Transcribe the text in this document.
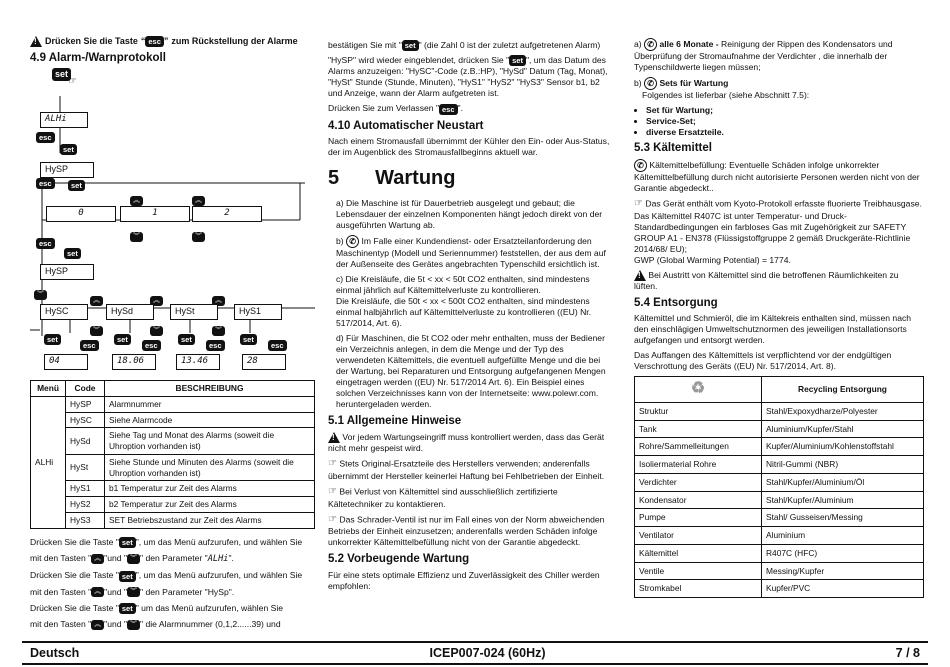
!
Drücken Sie die Taste “ esc ” zum Rückstellung der Alarme
4.9 Alarm-/Warnprotokoll
set
☞
ALHi
esc
set
HySP
esc	set
︽	︽
0	1	2
︾	︾
esc
set
HySP
︾
︽	︽	︽
HySC	HySd	HySt	HyS1
︾	︾	︾
set
esc
set
esc
set
esc
set
esc
04	18.06	13.46	28
Menü	Code	BESCHREIBUNG
ALHi	HySP	Alarmnummer
	HySC	Siehe Alarmcode
	HySd	Siehe Tag und Monat des Alarms (soweit die Uhroption vorhanden ist)
	HySt	Siehe Stunde und Minuten des Alarms (soweit die Uhroption vorhanden ist)
	HyS1	b1 Temperatur zur Zeit des Alarms
	HyS2	b2 Temperatur zur Zeit des Alarms
	HyS3	SET Betriebszustand zur Zeit des Alarms
Drücken Sie die Taste " set ", um das Menü aufzurufen, und wählen Sie
mit den Tasten " ︽ "und " ︾ " den Parameter "ALHi".
Drücken Sie die Taste " set ", um das Menü aufzurufen, und wählen Sie
mit den Tasten " ︽ "und " ︾ " den Parameter "HySp".
Drücken Sie die Taste " set " um das Menü aufzurufen, wählen Sie
mit den Tasten " ︽ "und " ︾ " die Alarmnummer (0,1,2......39) und

bestätigen Sie mit " set " (die Zahl 0 ist der zuletzt aufgetretenen Alarm)

"HySP" wird wieder eingeblendet, drücken Sie " set ", um das Datum des Alarms anzuzeigen: "HySC"-Code (z.B.:HP), "HySd" Datum (Tag, Monat), "HySt" Stunde (Stunde, Minuten), "HyS1" "HyS2" "HyS3" Sensor b1, b2 und Anzeige, wann der Alarm aufgetreten ist.

Drücken Sie zum Verlassen " esc ".

4.10 Automatischer Neustart

Nach einem Stromausfall übernimmt der Kühler den Ein- oder Aus-Status, der im Augenblick des Stromausfallbeginns aktuell war.

5 Wartung

a) Die Maschine ist für Dauerbetrieb ausgelegt und gebaut; die Lebensdauer der einzelnen Komponenten hängt jedoch direkt von der ausgeführten Wartung ab.

b) ✆ Im Falle einer Kundendienst- oder Ersatzteilanforderung den Maschinentyp (Modell und Seriennummer) feststellen, der aus dem auf der Außenseite des Gerätes angebrachten Typenschild ersichtlich ist.

c) Die Kreisläufe, die 5t < xx < 50t CO2 enthalten, sind mindestens einmal jährlich auf Kältemittelverluste zu kontrollieren.
Die Kreisläufe, die 50t < xx < 500t CO2 enthalten, sind mindestens einmal halbjährlich auf Kältemittelverluste zu kontrollieren ((EU) Nr. 517/2014, Art. 6).

d) Für Maschinen, die 5t CO2 oder mehr enthalten, muss der Bediener ein Verzeichnis anlegen, in dem die Menge und der Typ des verwendeten Kältemittels, die eventuell aufgefüllte Menge und die bei der Wartung, bei Reparaturen und Entsorgung aufgefangenen Mengen eingetragen werden ((EU) Nr. 517/2014 Art. 6). Ein Beispiel eines solchen Verzeichnisses kann von der Internetseite: www.polewr.com. heruntergeladen werden.

5.1 Allgemeine Hinweise

! Vor jedem Wartungseingriff muss kontrolliert werden, dass das Gerät nicht mehr gespeist wird.

☞ Stets Original-Ersatzteile des Herstellers verwenden; anderenfalls übernimmt der Hersteller keinerlei Haftung bei Fehlbetrieben der Einheit.

☞ Bei Verlust von Kältemittel sind ausschließlich zertifizierte Kältetechniker zu kontaktieren.

☞ Das Schrader-Ventil ist nur im Fall eines von der Norm abweichenden Betriebs der Einheit einzusetzen; anderenfalls werden Schäden infolge unkorrekter Kältemittelbefüllung nicht von der Garantie abgedeckt.

5.2 Vorbeugende Wartung

Für eine stets optimale Effizienz und Zuverlässigkeit des Chiller werden empfohlen:

a) ✆ alle 6 Monate - Reinigung der Rippen des Kondensators und Überprüfung der Stromaufnahme der Verdichter , die innerhalb der Typenschildwerte liegen müssen;

b) ✆ Sets für Wartung
Folgendes ist lieferbar (siehe Abschnitt 7.5):

• Set für Wartung;
• Service-Set;
• diverse Ersatzteile.
5.3 Kältemittel

✆ Kältemittelbefüllung: Eventuelle Schäden infolge unkorrekter Kältemittelbefüllung durch nicht autorisierte Personen werden nicht von der Garantie abgedeckt..

☞ Das Gerät enthält vom Kyoto-Protokoll erfasste fluorierte Treibhausgase.
Das Kältemittel R407C ist unter Temperatur- und Druck-Standardbedingungen ein farbloses Gas mit Zugehörigkeit zur SAFETY GROUP A1 - EN378 (Flüssigstoffgruppe 2 gemäß Druckgeräte-Richtlinie 2014/68/ EU);
GWP (Global Warming Potential) = 1774.

! Bei Austritt von Kältemittel sind die betroffenen Räumlichkeiten zu lüften.

5.4 Entsorgung

Kältemittel und Schmieröl, die im Kältekreis enthalten sind, müssen nach den einschlägigen Umweltschutznormen des jeweiligen Installationsorts aufgefangen und entsorgt werden.

Das Auffangen des Kältemittels ist verpflichtend vor der endgültigen Verschrottung des Geräts ((EU) Nr. 517/2014, Art. 8).

♻	Recycling Entsorgung
Struktur	Stahl/Expoxydharze/Polyester
Tank	Aluminium/Kupfer/Stahl
Rohre/Sammelleitungen	Kupfer/Aluminium/Kohlenstoffstahl
Isoliermaterial Rohre	Nitril-Gummi (NBR)
Verdichter	Stahl/Kupfer/Aluminium/Öl
Kondensator	Stahl/Kupfer/Aluminium
Pumpe	Stahl/ Gusseisen/Messing
Ventilator	Aluminium
Kältemittel	R407C (HFC)
Ventile	Messing/Kupfer
Stromkabel	Kupfer/PVC
Deutsch	ICEP007-024 (60Hz)	7 / 8
